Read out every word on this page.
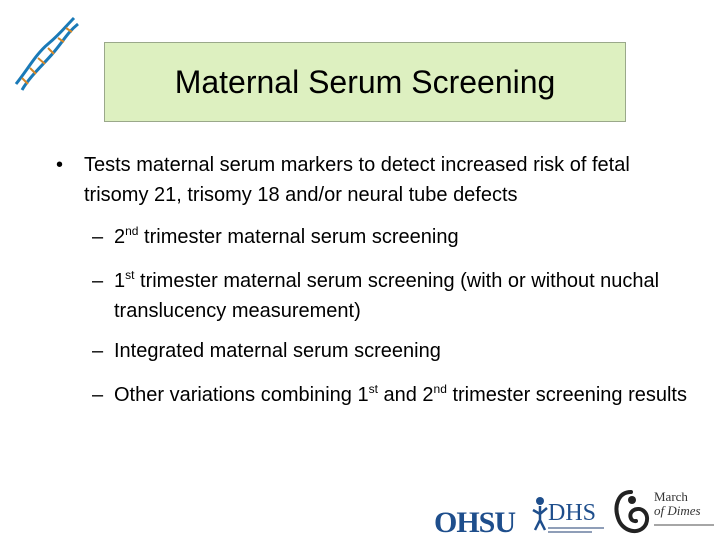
Maternal Serum Screening
• Tests maternal serum markers to detect increased risk of fetal trisomy 21, trisomy 18 and/or neural tube defects
– 2nd trimester maternal serum screening
– 1st trimester maternal serum screening (with or without nuchal translucency measurement)
– Integrated maternal serum screening
– Other variations combining 1st and 2nd trimester screening results
OHSU DHS
March
of Dimes
